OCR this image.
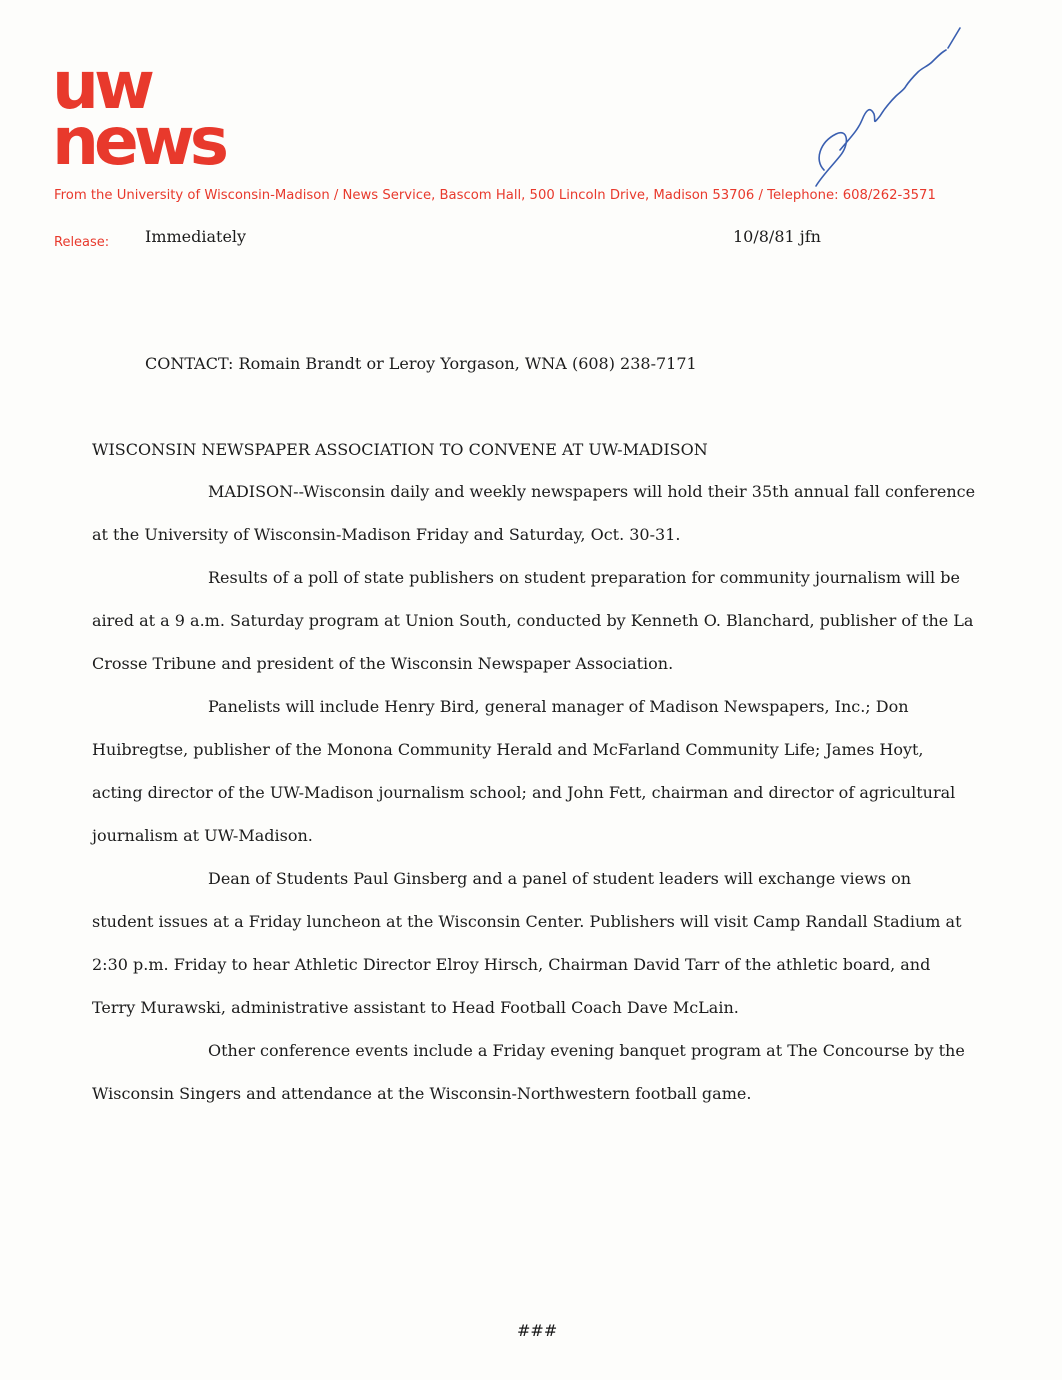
uw
news
From the University of Wisconsin-Madison / News Service, Bascom Hall, 500 Lincoln Drive, Madison 53706 / Telephone: 608/262-3571
Release: Immediately	10/8/81 jfn
CONTACT: Romain Brandt or Leroy Yorgason, WNA (608) 238-7171
WISCONSIN NEWSPAPER ASSOCIATION TO CONVENE AT UW-MADISON

MADISON--Wisconsin daily and weekly newspapers will hold their 35th annual fall conference at the University of Wisconsin-Madison Friday and Saturday, Oct. 30-31.

Results of a poll of state publishers on student preparation for community journalism will be aired at a 9 a.m. Saturday program at Union South, conducted by Kenneth O. Blanchard, publisher of the La Crosse Tribune and president of the Wisconsin Newspaper Association.

Panelists will include Henry Bird, general manager of Madison Newspapers, Inc.; Don Huibregtse, publisher of the Monona Community Herald and McFarland Community Life; James Hoyt, acting director of the UW-Madison journalism school; and John Fett, chairman and director of agricultural journalism at UW-Madison.

Dean of Students Paul Ginsberg and a panel of student leaders will exchange views on student issues at a Friday luncheon at the Wisconsin Center. Publishers will visit Camp Randall Stadium at 2:30 p.m. Friday to hear Athletic Director Elroy Hirsch, Chairman David Tarr of the athletic board, and Terry Murawski, administrative assistant to Head Football Coach Dave McLain.

Other conference events include a Friday evening banquet program at The Concourse by the Wisconsin Singers and attendance at the Wisconsin-Northwestern football game.

###
